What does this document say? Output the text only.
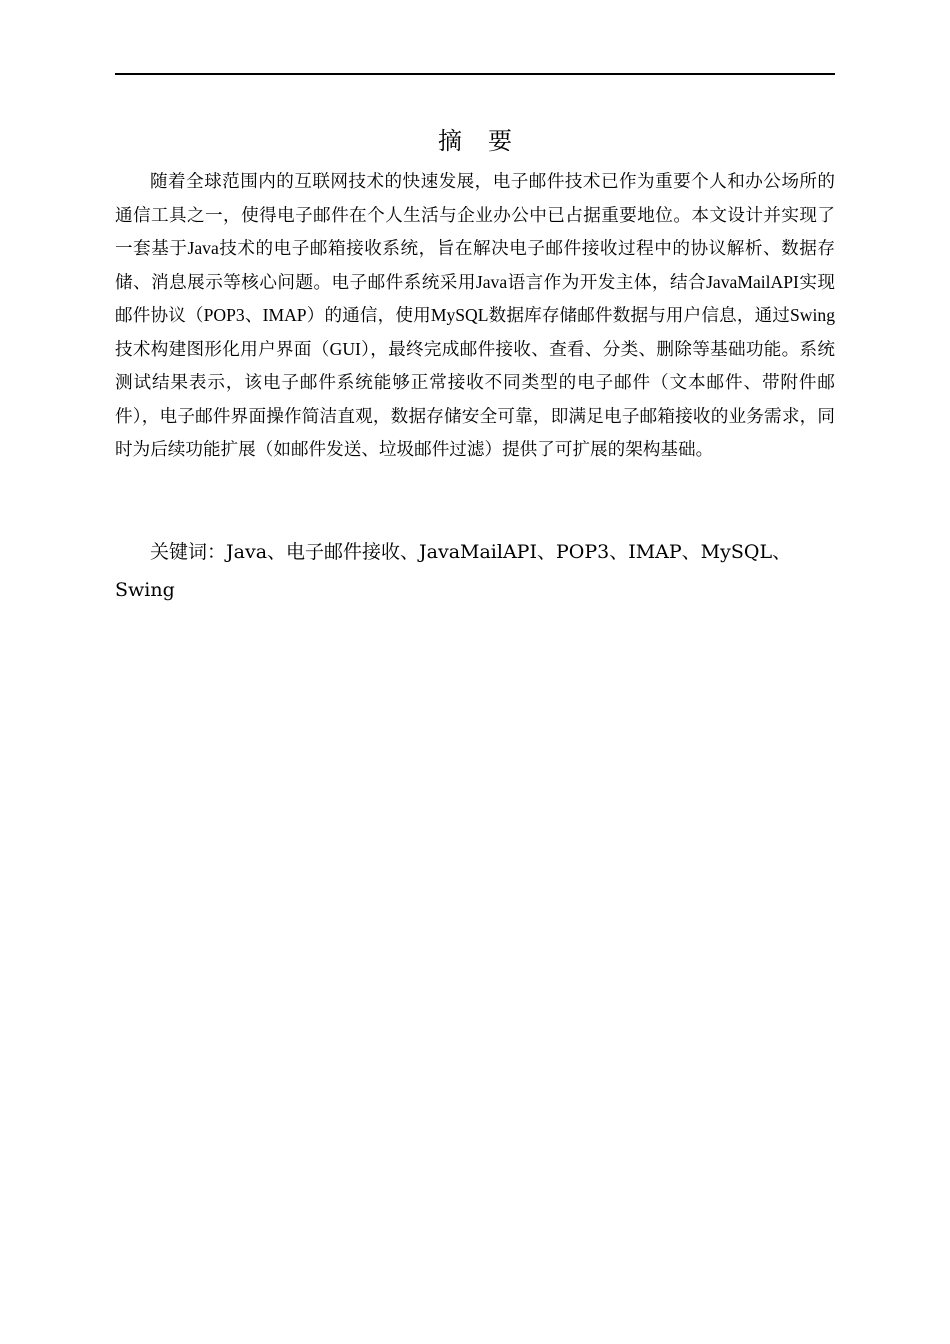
摘要

随着全球范围内的互联网技术的快速发展，电子邮件技术已作为重要个人和办公场所的通信工具之一，使得电子邮件在个人生活与企业办公中已占据重要地位。本文设计并实现了一套基于Java技术的电子邮箱接收系统，旨在解决电子邮件接收过程中的协议解析、数据存储、消息展示等核心问题。电子邮件系统采用Java语言作为开发主体，结合JavaMailAPI实现邮件协议（POP3、IMAP）的通信，使用MySQL数据库存储邮件数据与用户信息，通过Swing技术构建图形化用户界面（GUI），最终完成邮件接收、查看、分类、删除等基础功能。系统测试结果表示，该电子邮件系统能够正常接收不同类型的电子邮件（文本邮件、带附件邮件），电子邮件界面操作简洁直观，数据存储安全可靠，即满足电子邮箱接收的业务需求，同时为后续功能扩展（如邮件发送、垃圾邮件过滤）提供了可扩展的架构基础。

关键词：Java、电子邮件接收、JavaMailAPI、POP3、IMAP、MySQL、Swing
